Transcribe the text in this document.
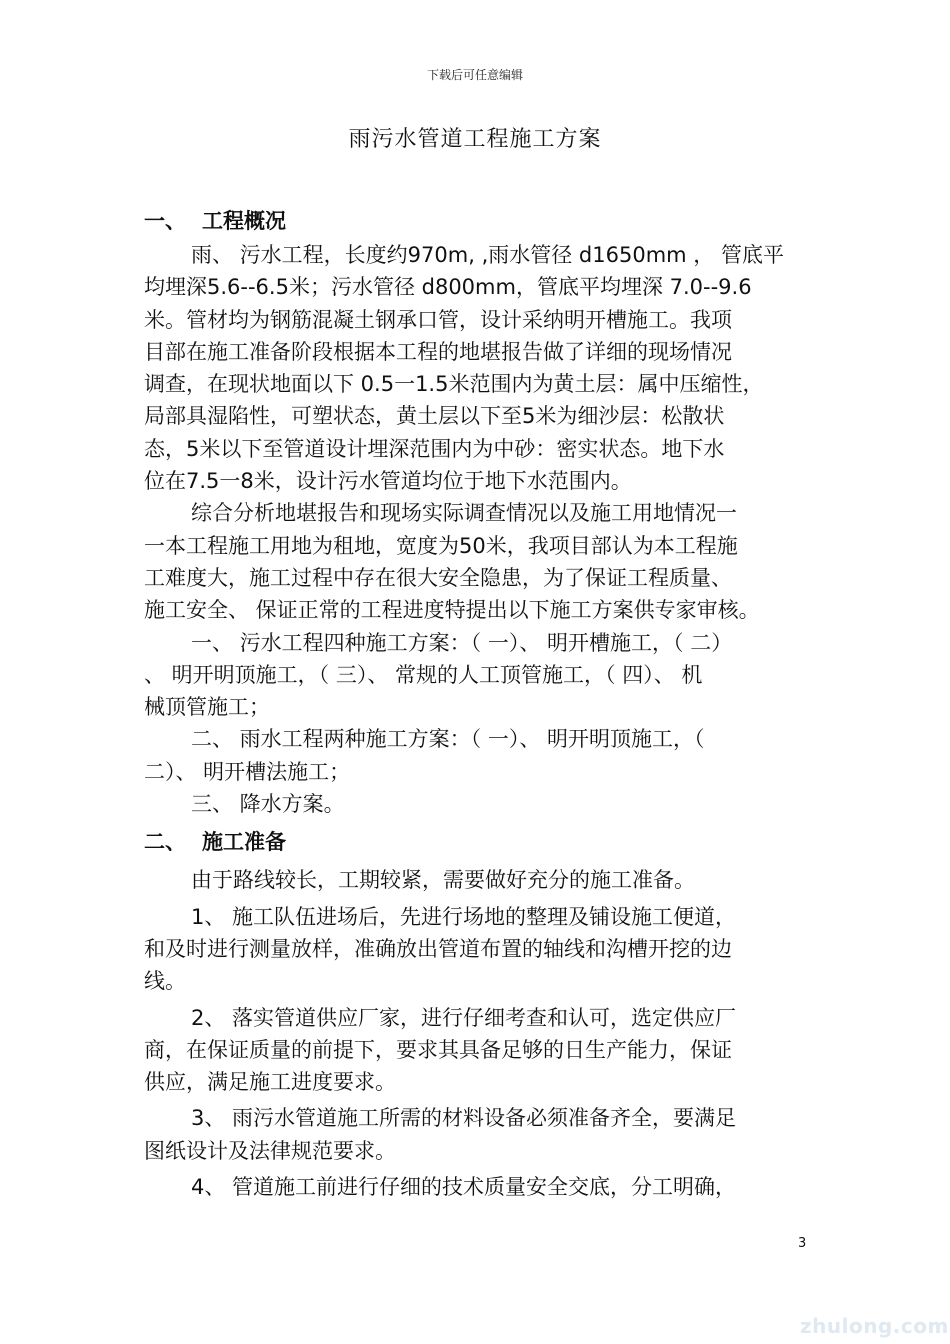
下载后可任意编辑
雨污水管道工程施工方案
一、 工程概况
雨、 污水工程，长度约970m, ,雨水管径 d1650mm ， 管底平
均埋深5.6--6.5米；污水管径 d800mm，管底平均埋深 7.0--9.6
米。管材均为钢筋混凝土钢承口管，设计采纳明开槽施工。我项
目部在施工准备阶段根据本工程的地堪报告做了详细的现场情况
调查，在现状地面以下 0.5一1.5米范围内为黄土层：属中压缩性，
局部具湿陷性，可塑状态，黄土层以下至5米为细沙层：松散状
态，5米以下至管道设计埋深范围内为中砂：密实状态。地下水
位在7.5一8米，设计污水管道均位于地下水范围内。
综合分析地堪报告和现场实际调查情况以及施工用地情况一
一本工程施工用地为租地，宽度为50米，我项目部认为本工程施
工难度大，施工过程中存在很大安全隐患，为了保证工程质量、
施工安全、 保证正常的工程进度特提出以下施工方案供专家审核。
一、 污水工程四种施工方案：（ 一）、 明开槽施工，（ 二）
、 明开明顶施工，（ 三）、 常规的人工顶管施工，（ 四）、 机
械顶管施工；
二、 雨水工程两种施工方案：（ 一）、 明开明顶施工，（
二）、 明开槽法施工；
三、 降水方案。
二、 施工准备
由于路线较长，工期较紧，需要做好充分的施工准备。
1、 施工队伍进场后，先进行场地的整理及铺设施工便道，
和及时进行测量放样，准确放出管道布置的轴线和沟槽开挖的边
线。
2、 落实管道供应厂家，进行仔细考查和认可，选定供应厂
商，在保证质量的前提下，要求其具备足够的日生产能力，保证
供应，满足施工进度要求。
3、 雨污水管道施工所需的材料设备必须准备齐全，要满足
图纸设计及法律规范要求。
4、 管道施工前进行仔细的技术质量安全交底，分工明确，
3
zhulong.com
